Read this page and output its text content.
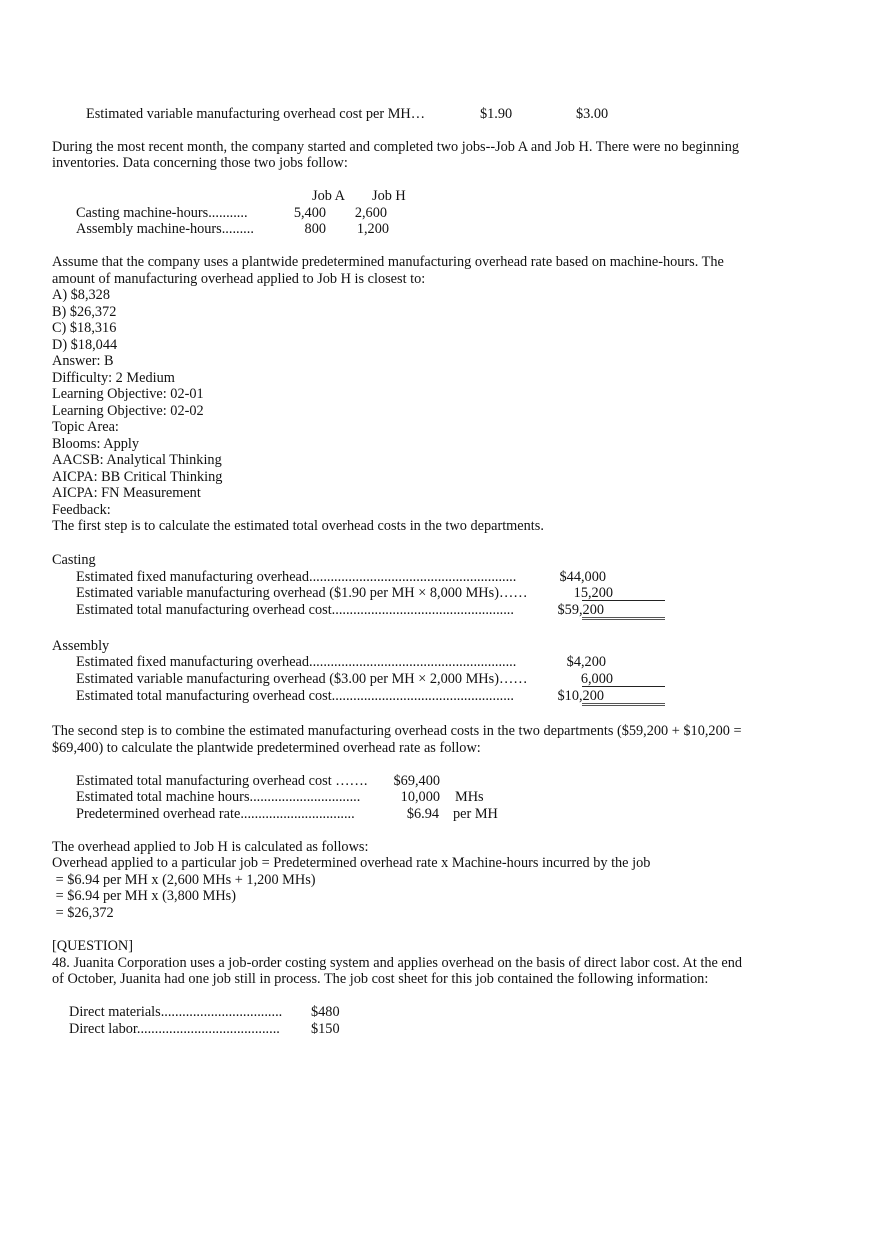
Estimated variable manufacturing overhead cost per MH…	$1.90	$3.00
During the most recent month, the company started and completed two jobs--Job A and Job H. There were no beginning
inventories. Data concerning those two jobs follow:
Job A Job H
Casting machine-hours...........	5,400	2,600
Assembly machine-hours.........	800	1,200
Assume that the company uses a plantwide predetermined manufacturing overhead rate based on machine-hours. The
amount of manufacturing overhead applied to Job H is closest to:
A) $8,328
B) $26,372
C) $18,316
D) $18,044
Answer: B
Difficulty: 2 Medium
Learning Objective: 02-01
Learning Objective: 02-02
Topic Area:
Blooms: Apply
AACSB: Analytical Thinking
AICPA: BB Critical Thinking
AICPA: FN Measurement
Feedback:
The first step is to calculate the estimated total overhead costs in the two departments.
Casting
Estimated fixed manufacturing overhead..........................................................	$44,000
Estimated variable manufacturing overhead ($1.90 per MH × 8,000 MHs)……	15,200
Estimated total manufacturing overhead cost...................................................	$59,200
Assembly
Estimated fixed manufacturing overhead..........................................................	$4,200
Estimated variable manufacturing overhead ($3.00 per MH × 2,000 MHs)……	6,000
Estimated total manufacturing overhead cost...................................................	$10,200
The second step is to combine the estimated manufacturing overhead costs in the two departments ($59,200 + $10,200 =
$69,400) to calculate the plantwide predetermined overhead rate as follow:
Estimated total manufacturing overhead cost …….	$69,400
Estimated total machine hours...............................	10,000 MHs
Predetermined overhead rate................................	$6.94 per MH
The overhead applied to Job H is calculated as follows:
Overhead applied to a particular job = Predetermined overhead rate x Machine-hours incurred by the job
= $6.94 per MH x (2,600 MHs + 1,200 MHs)
= $6.94 per MH x (3,800 MHs)
= $26,372
[QUESTION]
48. Juanita Corporation uses a job-order costing system and applies overhead on the basis of direct labor cost. At the end
of October, Juanita had one job still in process. The job cost sheet for this job contained the following information:
Direct materials.................................. $480
Direct labor........................................ $150
